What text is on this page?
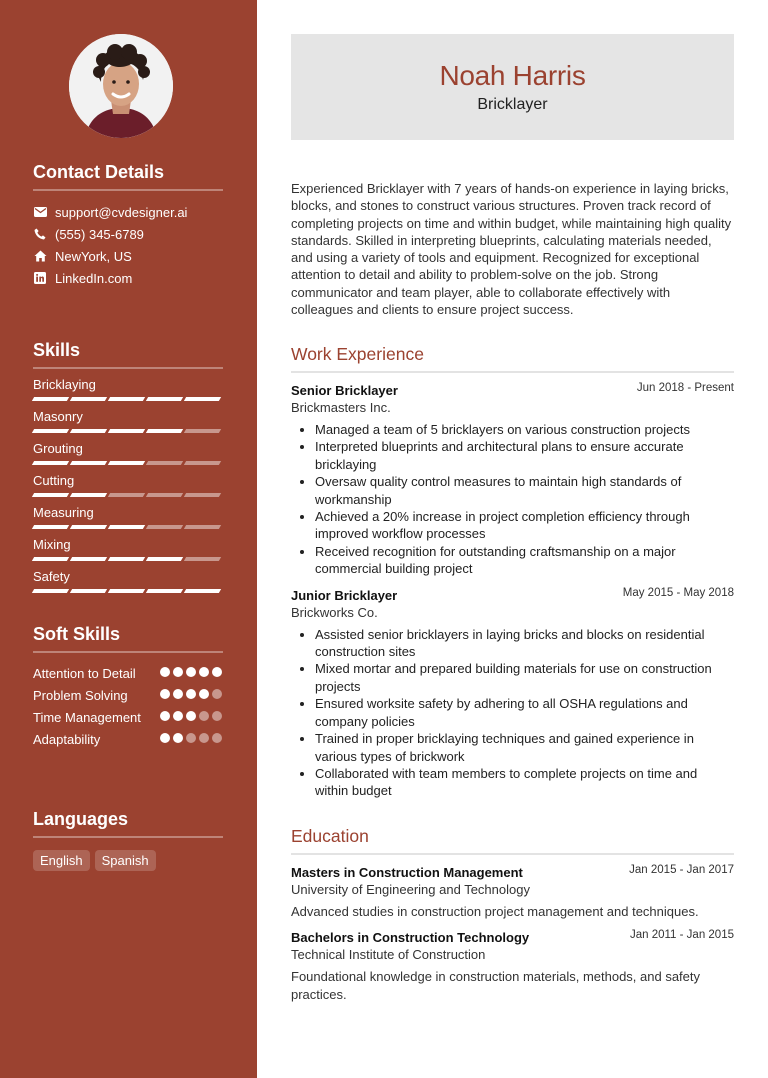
Contact Details
support@cvdesigner.ai
(555) 345-6789
NewYork, US
LinkedIn.com
Skills
Bricklaying
Masonry
Grouting
Cutting
Measuring
Mixing
Safety
Soft Skills
Attention to Detail
Problem Solving
Time Management
Adaptability
Languages
English	Spanish
Noah Harris
Bricklayer
Experienced Bricklayer with 7 years of hands-on experience in laying bricks, blocks, and stones to construct various structures. Proven track record of completing projects on time and within budget, while maintaining high quality standards. Skilled in interpreting blueprints, calculating materials needed, and using a variety of tools and equipment. Recognized for exceptional attention to detail and ability to problem-solve on the job. Strong communicator and team player, able to collaborate effectively with colleagues and clients to ensure project success.
Work Experience
Senior Bricklayer	Jun 2018 - Present
Brickmasters Inc.
• Managed a team of 5 bricklayers on various construction projects
• Interpreted blueprints and architectural plans to ensure accurate bricklaying
• Oversaw quality control measures to maintain high standards of workmanship
• Achieved a 20% increase in project completion efficiency through improved workflow processes
• Received recognition for outstanding craftsmanship on a major commercial building project
Junior Bricklayer	May 2015 - May 2018
Brickworks Co.
• Assisted senior bricklayers in laying bricks and blocks on residential construction sites
• Mixed mortar and prepared building materials for use on construction projects
• Ensured worksite safety by adhering to all OSHA regulations and company policies
• Trained in proper bricklaying techniques and gained experience in various types of brickwork
• Collaborated with team members to complete projects on time and within budget
Education
Masters in Construction Management	Jan 2015 - Jan 2017
University of Engineering and Technology
Advanced studies in construction project management and techniques.
Bachelors in Construction Technology	Jan 2011 - Jan 2015
Technical Institute of Construction
Foundational knowledge in construction materials, methods, and safety practices.
